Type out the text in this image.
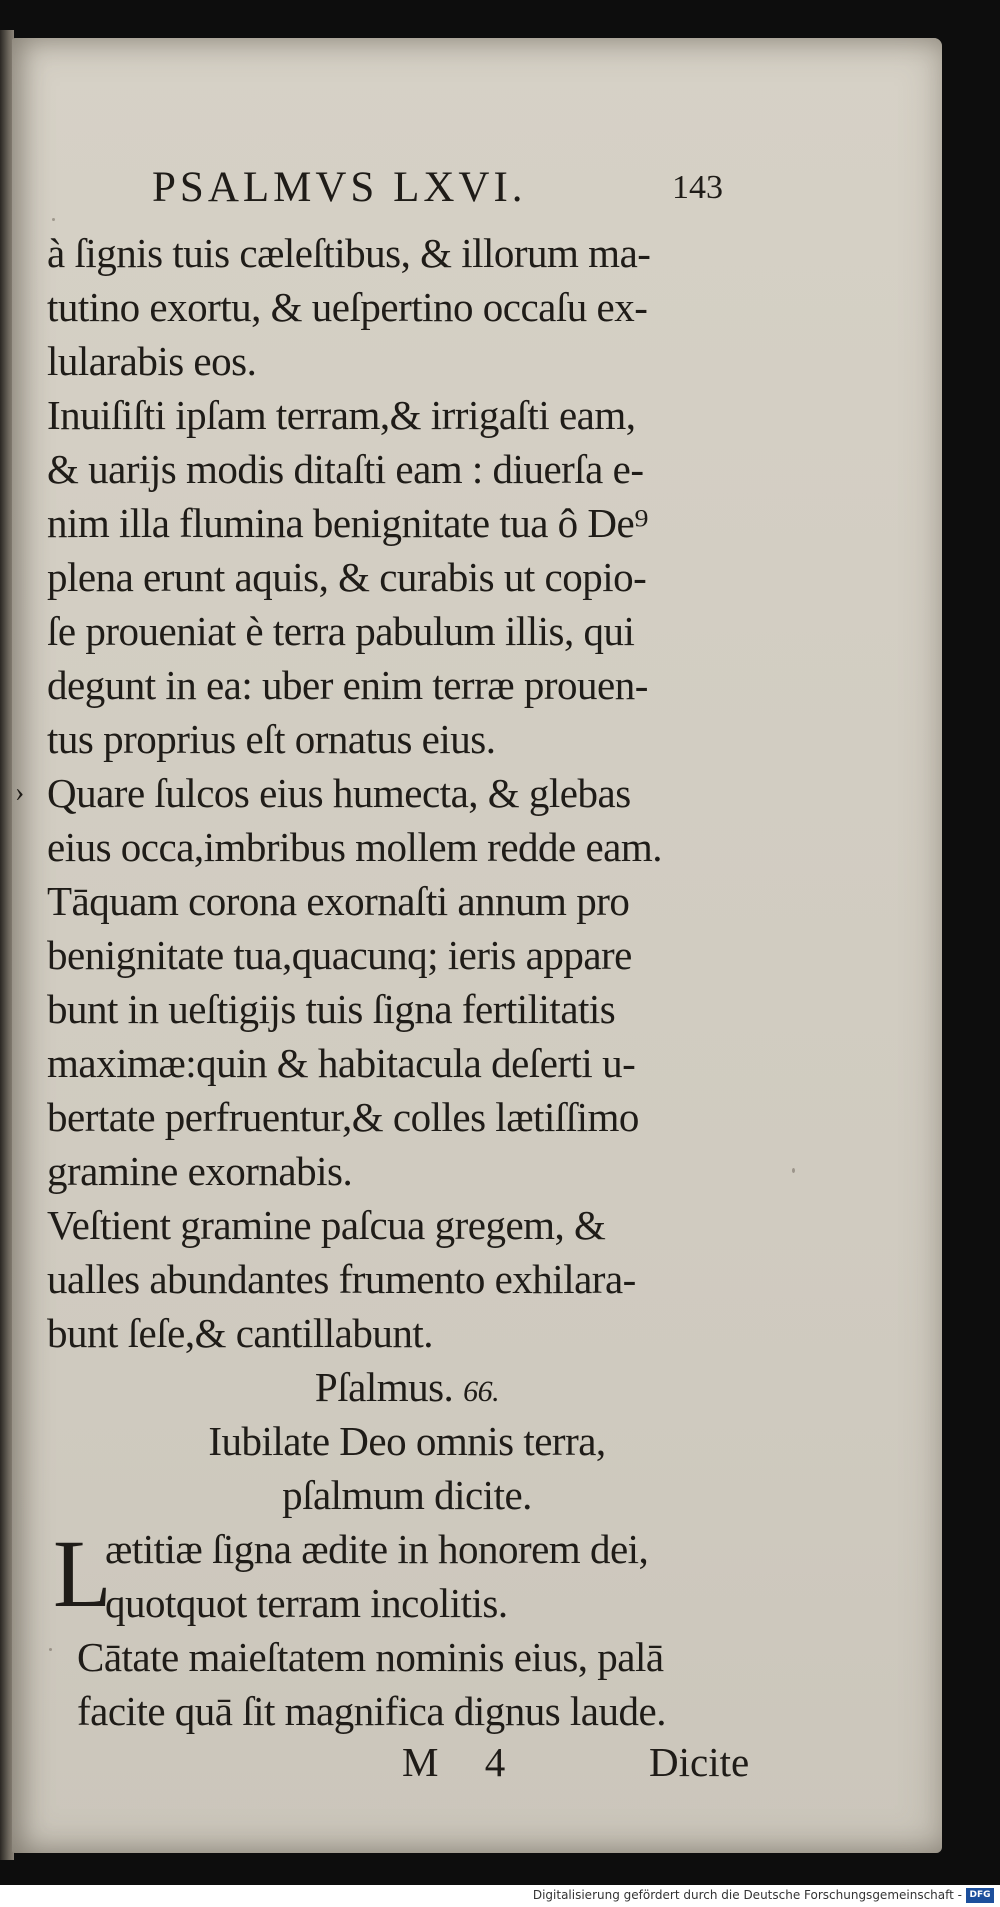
PSALMVS LXVI.	143
à ſignis tuis cæleſtibus, & illorum ma-
tutino exortu, & ueſpertino occaſu ex-
lularabis eos.
Inuiſiſti ipſam terram,& irrigaſti eam,
& uarijs modis ditaſti eam : diuerſa e-
nim illa flumina benignitate tua ô De⁹
plena erunt aquis, & curabis ut copio-
ſe proueniat è terra pabulum illis, qui
degunt in ea: uber enim terræ prouen-
tus proprius eſt ornatus eius.
Quare ſulcos eius humecta, & glebas
›
eius occa,imbribus mollem redde eam.
Tāquam corona exornaſti annum pro
benignitate tua,quacunq; ieris appare
bunt in ueſtigijs tuis ſigna fertilitatis
maximæ:quin & habitacula deſerti u-
bertate perfruentur,& colles lætiſſimo
gramine exornabis.
Veſtient gramine paſcua gregem, &
ualles abundantes frumento exhilara-
bunt ſeſe,& cantillabunt.
Pſalmus. 66.
Iubilate Deo omnis terra,
pſalmum dicite.
L
ætitiæ ſigna ædite in honorem dei,
quotquot terram incolitis.
Cātate maieſtatem nominis eius, palā
facite quā ſit magnifica dignus laude.
M 4	Dicite
Digitalisierung gefördert durch die Deutsche Forschungsgemeinschaft - DFG
